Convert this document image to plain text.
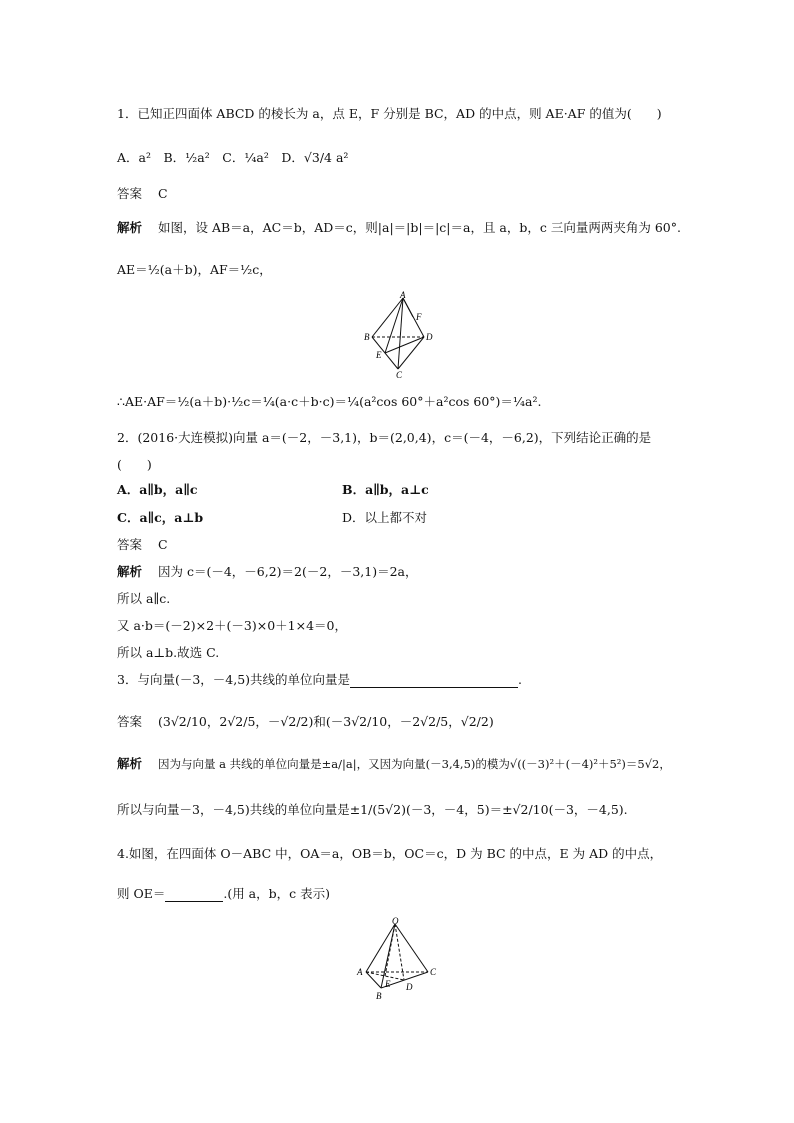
1．已知正四面体 ABCD 的棱长为 a，点 E，F 分别是 BC，AD 的中点，则 AE·AF 的值为(　　)
A．a²　B．½a²　C．¼a²　D．√3/4 a²
答案 C
解析 如图，设 AB＝a，AC＝b，AD＝c，则|a|＝|b|＝|c|＝a，且 a，b，c 三向量两两夹角为 60°.
AE＝½(a＋b)，AF＝½c，
A
B
C
D
E
F
∴AE·AF＝½(a＋b)·½c＝¼(a·c＋b·c)＝¼(a²cos 60°＋a²cos 60°)＝¼a².
2．(2016·大连模拟)向量 a＝(－2，－3,1)，b＝(2,0,4)，c＝(－4，－6,2)，下列结论正确的是
(　　)
A．a∥b，a∥c	B．a∥b，a⊥c
C．a∥c，a⊥b	D．以上都不对
答案 C
解析 因为 c＝(－4，－6,2)＝2(－2，－3,1)＝2a，
所以 a∥c.
又 a·b＝(－2)×2＋(－3)×0＋1×4＝0，
所以 a⊥b.故选 C.
3．与向量(－3，－4,5)共线的单位向量是	.
答案 (3√2/10，2√2/5，－√2/2)和(－3√2/10，－2√2/5，√2/2)
解析 因为与向量 a 共线的单位向量是±a/|a|，又因为向量(－3,4,5)的模为√((－3)²＋(－4)²＋5²)＝5√2，
所以与向量－3，－4,5)共线的单位向量是±1/(5√2)(－3，－4，5)＝±√2/10(－3，－4,5).
4.如图，在四面体 O－ABC 中，OA＝a，OB＝b，OC＝c，D 为 BC 的中点，E 为 AD 的中点，
则 OE＝	.(用 a，b，c 表示)
O
A
B
C
D
E
